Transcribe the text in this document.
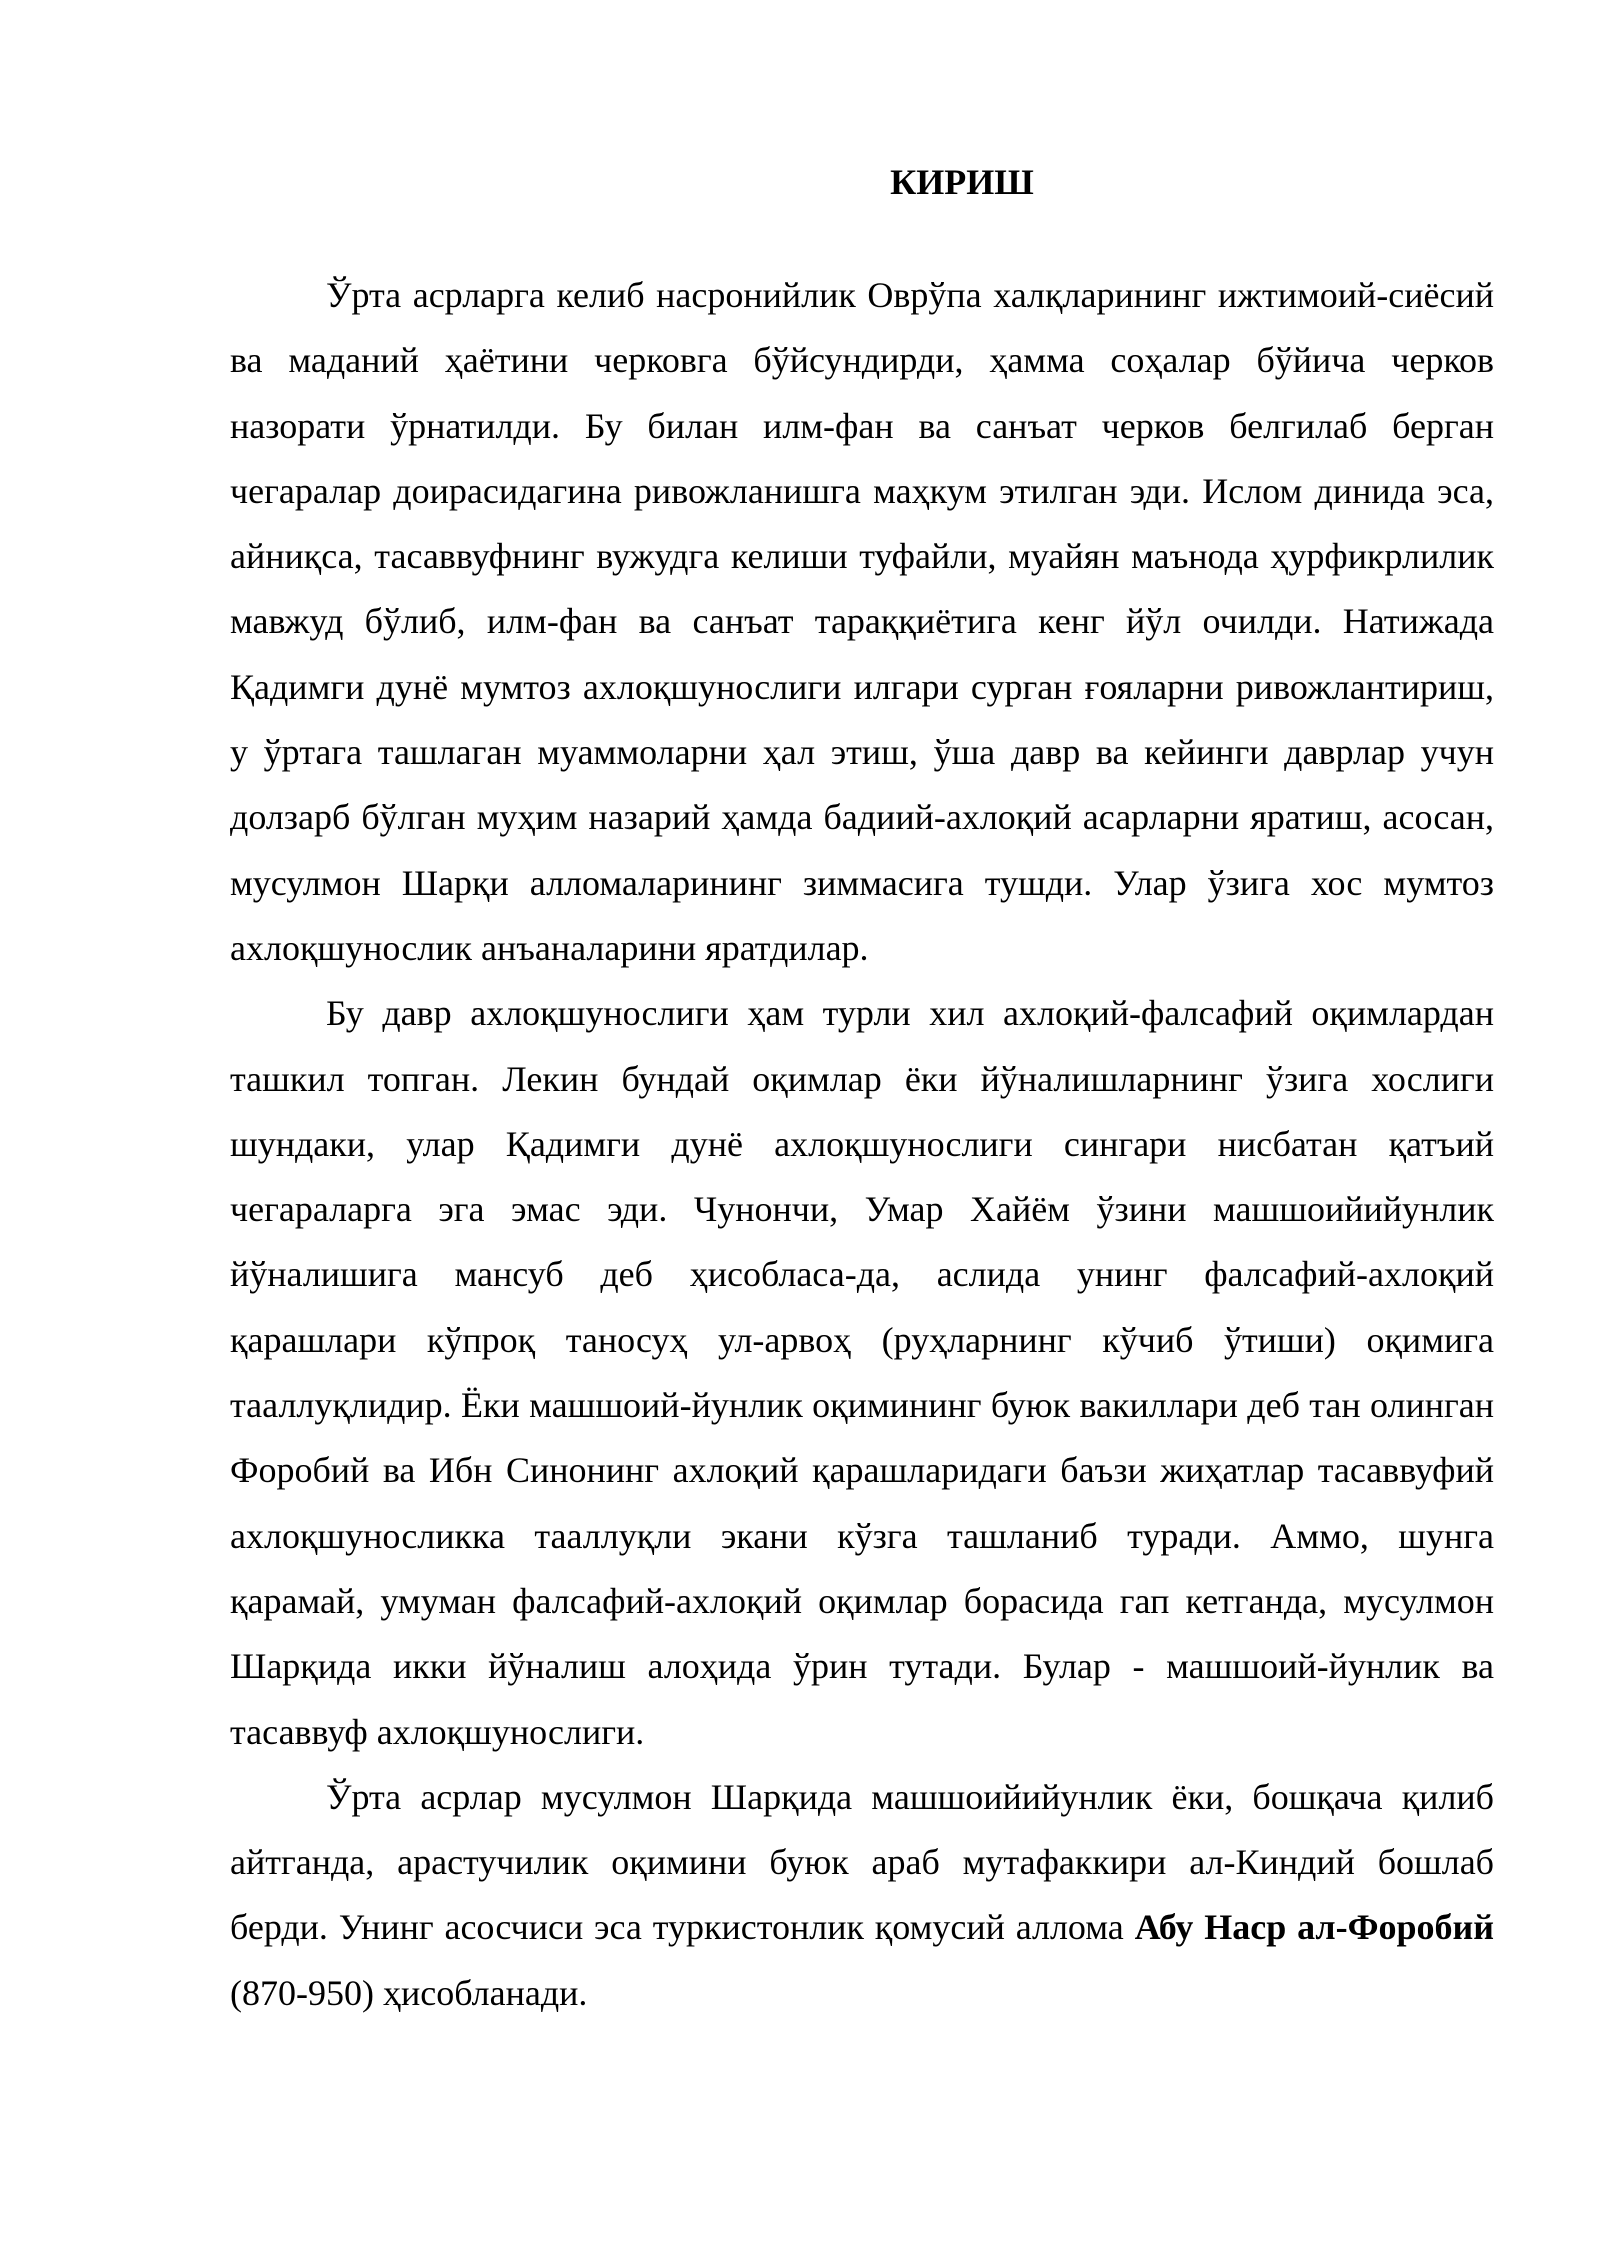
КИРИШ

Ўрта асрларга келиб насронийлик Оврўпа халқларининг ижтимоий-сиёсий ва маданий ҳаётини черковга бўйсундирди, ҳамма соҳалар бўйича черков назорати ўрнатилди. Бу билан илм-фан ва санъат черков белгилаб берган чегаралар доирасидагина ривожланишга маҳкум этилган эди. Ислом динида эса, айниқса, тасаввуфнинг вужудга келиши туфайли, муайян маънода ҳурфикрлилик мавжуд бўлиб, илм-фан ва санъат тараққиётига кенг йўл очилди. Натижада Қадимги дунё мумтоз ахлоқшунослиги илгари сурган ғояларни ривожлантириш, у ўртага ташлаган муаммоларни ҳал этиш, ўша давр ва кейинги даврлар учун долзарб бўлган муҳим назарий ҳамда бадиий-ахлоқий асарларни яратиш, асосан, мусулмон Шарқи алломаларининг зиммасига тушди. Улар ўзига хос мумтоз ахлоқшунослик анъаналарини яратдилар.

Бу давр ахлоқшунослиги ҳам турли хил ахлоқий-фалсафий оқимлардан ташкил топган. Лекин бундай оқимлар ёки йўналишларнинг ўзига хослиги шундаки, улар Қадимги дунё ахлоқшунослиги сингари нисбатан қатъий чегараларга эга эмас эди. Чунончи, Умар Хайём ўзини машшоийийунлик йўналишига мансуб деб ҳисобласа-да, аслида унинг фалсафий-ахлоқий қарашлари кўпроқ таносуҳ ул-арвоҳ (руҳларнинг кўчиб ўтиши) оқимига тааллуқлидир. Ёки машшоий-йунлик оқимининг буюк вакиллари деб тан олинган Форобий ва Ибн Синонинг ахлоқий қарашларидаги баъзи жиҳатлар тасаввуфий ахлоқшуносликка тааллуқли экани кўзга ташланиб туради. Аммо, шунга қарамай, умуман фалсафий-ахлоқий оқимлар борасида гап кетганда, мусулмон Шарқида икки йўналиш алоҳида ўрин тутади. Булар - машшоий-йунлик ва тасаввуф ахлоқшунослиги.

Ўрта асрлар мусулмон Шарқида машшоийийунлик ёки, бошқача қилиб айтганда, арастучилик оқимини буюк араб мутафаккири ал-Киндий бошлаб берди. Унинг асосчиси эса туркистонлик қомусий аллома Абу Наср ал-Форобий (870-950) ҳисобланади.
